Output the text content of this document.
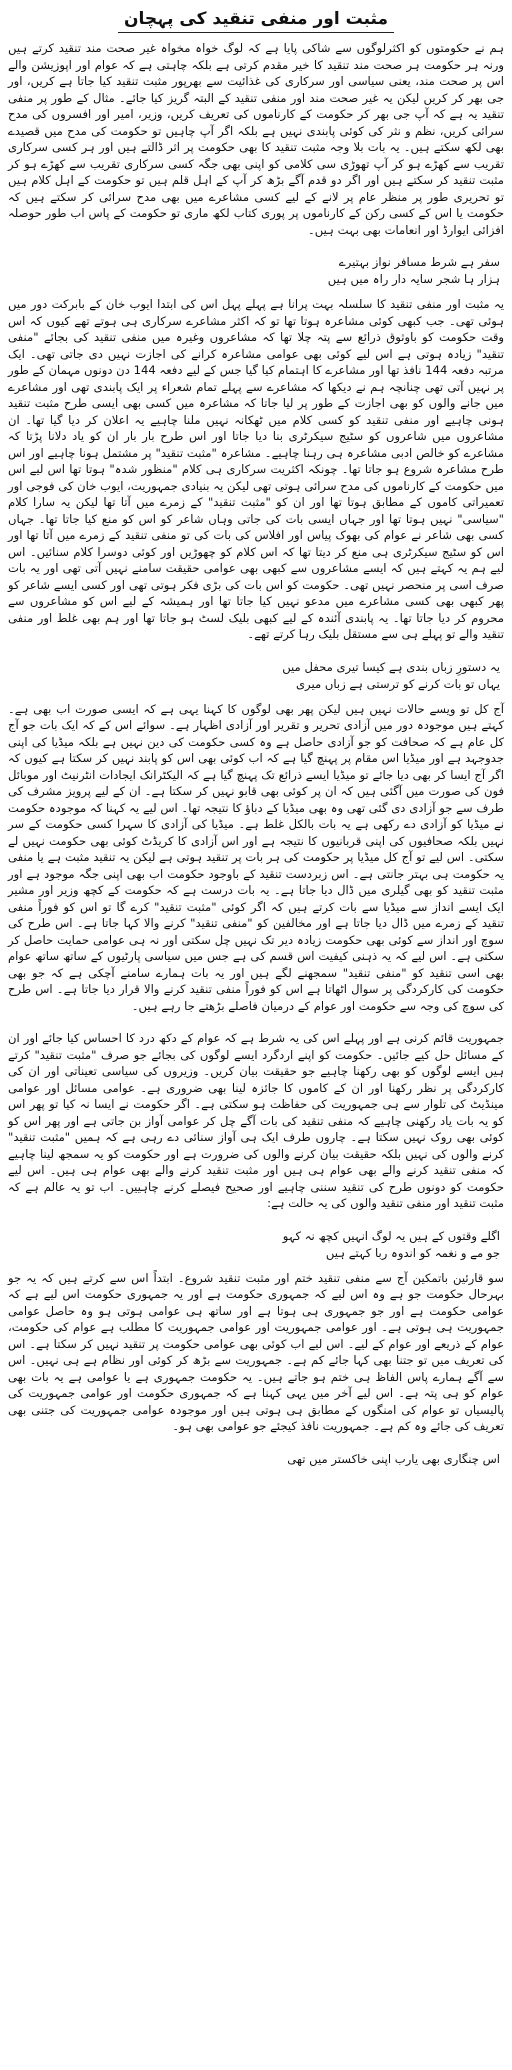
مثبت اور منفی تنقید کی پہچان

ہم نے حکومتوں کو اکثرلوگوں سے شاکی پایا ہے کہ لوگ خواہ مخواہ غیر صحت مند تنقید کرتے ہیں ورنہ ہر حکومت ہر صحت مند تنقید کا خیر مقدم کرتی ہے بلکہ چاہتی ہے کہ عوام اور اپوزیشن والے اس پر صحت مند، یعنی سیاسی اور سرکاری کی غذائیت سے بھرپور مثبت تنقید کیا جاتا ہے کریں، اور جی بھر کر کریں لیکن یہ غیر صحت مند اور منفی تنقید کے البتہ گریز کیا جائے۔ مثال کے طور پر منفی تنقید یہ ہے کہ آپ جی بھر کر حکومت کے کارناموں کی تعریف کریں، وزیر، امیر اور افسروں کی مدح سرائی کریں، نظم و نثر کی کوئی پابندی نہیں ہے بلکہ اگر آپ چاہیں تو حکومت کی مدح میں قصیدے بھی لکھ سکتے ہیں۔ یہ بات بلا وجہ مثبت تنقید کا بھی حکومت پر اثر ڈالتے ہیں اور ہر کسی سرکاری تقریب سے کھڑے ہو کر آپ تھوڑی سی کلامی کو اپنی بھی جگہ کسی سرکاری تقریب سے کھڑے ہو کر مثبت تنقید کر سکتے ہیں اور اگر دو قدم آگے بڑھ کر آپ کے اہل قلم ہیں تو حکومت کے اہل کلام ہیں تو تحریری طور پر منظر عام پر لانے کے لیے کسی مشاعرے میں بھی مدح سرائی کر سکتے ہیں کہ حکومت یا اس کے کسی رکن کے کارناموں پر پوری کتاب لکھ ماری تو حکومت کے پاس اب طور حوصلہ افزائی ایوارڈ اور انعامات بھی بہت ہیں۔

سفر ہے شرط مسافر نواز بہتیرے

ہزار ہا شجر سایہ دار راہ میں ہیں

یہ مثبت اور منفی تنقید کا سلسلہ بہت پرانا ہے پہلے پہل اس کی ابتدا ایوب خان کے بابرکت دور میں ہوئی تھی۔ جب کبھی کوئی مشاعرہ ہوتا تھا تو کہ اکثر مشاعرے سرکاری ہی ہوتے تھے کیوں کہ اس وقت حکومت کو باوثوق ذرائع سے پتہ چلا تھا کہ مشاعروں وغیرہ میں منفی تنقید کی بجائے "منفی تنقید" زیادہ ہوتی ہے اس لیے کوئی بھی عوامی مشاعرہ کرانے کی اجازت نہیں دی جاتی تھی۔ ایک مرتبہ دفعہ 144 نافذ تھا اور مشاعرے کا اہتمام کیا گیا جس کے لیے دفعہ 144 دن دونوں مہمان کے طور پر نہیں آتی تھی چنانچہ ہم نے دیکھا کہ مشاعرے سے پہلے تمام شعراء پر ایک پابندی تھی اور مشاعرے میں جانے والوں کو بھی اجازت کے طور پر لیا جاتا کہ مشاعرہ میں کسی بھی ایسی طرح مثبت تنقید ہونی چاہیے اور منفی تنقید کو کسی کلام میں ٹھکانہ نہیں ملنا چاہیے یہ اعلان کر دیا گیا تھا۔ ان مشاعروں میں شاعروں کو سٹیج سیکرٹری بنا دیا جاتا اور اس طرح بار بار ان کو یاد دلانا پڑتا کہ مشاعرے کو خالص ادبی مشاعرہ ہی رہنا چاہیے۔ مشاعرہ "مثبت تنقید" پر مشتمل ہونا چاہیے اور اس طرح مشاعرہ شروع ہو جاتا تھا۔ چونکہ اکثریت سرکاری ہی کلام "منظور شدہ" ہوتا تھا اس لیے اس میں حکومت کے کارناموں کی مدح سرائی ہوتی تھی لیکن یہ بنیادی جمہوریت، ایوب خان کی فوجی اور تعمیراتی کاموں کے مطابق ہوتا تھا اور ان کو "مثبت تنقید" کے زمرے میں آتا تھا لیکن یہ سارا کلام "سیاسی" نہیں ہوتا تھا اور جہاں ایسی بات کی جاتی وہاں شاعر کو اس کو منع کیا جاتا تھا۔ جہاں کسی بھی شاعر نے عوام کی بھوک پیاس اور افلاس کی بات کی تو منفی تنقید کے زمرے میں آتا تھا اور اس کو سٹیج سیکرٹری ہی منع کر دیتا تھا کہ اس کلام کو چھوڑیں اور کوئی دوسرا کلام سنائیں۔ اس لیے ہم یہ کہتے ہیں کہ ایسے مشاعروں سے کبھی بھی عوامی حقیقت سامنے نہیں آتی تھی اور یہ بات صرف اسی پر منحصر نہیں تھی۔ حکومت کو اس بات کی بڑی فکر ہوتی تھی اور کسی ایسے شاعر کو پھر کبھی بھی کسی مشاعرے میں مدعو نہیں کیا جاتا تھا اور ہمیشہ کے لیے اس کو مشاعروں سے محروم کر دیا جاتا تھا۔ یہ پابندی آئندہ کے لیے کبھی بلیک لسٹ ہو جاتا تھا اور ہم بھی غلط اور منفی تنقید والے تو پہلے ہی سے مستقل بلیک رہا کرتے تھے۔

یہ دستورِ زباں بندی ہے کیسا تیری محفل میں

یہاں تو بات کرنے کو ترستی ہے زباں میری

آج کل تو ویسے حالات نہیں ہیں لیکن پھر بھی لوگوں کا کہنا یہی ہے کہ ایسی صورت اب بھی ہے۔ کہتے ہیں موجودہ دور میں آزادی تحریر و تقریر اور آزادی اظہار ہے۔ سوائے اس کے کہ ایک بات جو آج کل عام ہے کہ صحافت کو جو آزادی حاصل ہے وہ کسی حکومت کی دین نہیں ہے بلکہ میڈیا کی اپنی جدوجہد ہے اور میڈیا اس مقام پر پہنچ گیا ہے کہ اب کوئی بھی اس کو پابند نہیں کر سکتا ہے کیوں کہ اگر آج ایسا کر بھی دیا جائے تو میڈیا ایسے ذرائع تک پہنچ گیا ہے کہ الیکٹرانک ایجادات انٹرنیٹ اور موبائل فون کی صورت میں آگئی ہیں کہ ان پر کوئی بھی قابو نہیں کر سکتا ہے۔ ان کے لیے پرویز مشرف کی طرف سے جو آزادی دی گئی تھی وہ بھی میڈیا کے دباؤ کا نتیجہ تھا۔ اس لیے یہ کہنا کہ موجودہ حکومت نے میڈیا کو آزادی دے رکھی ہے یہ بات بالکل غلط ہے۔ میڈیا کی آزادی کا سہرا کسی حکومت کے سر نہیں بلکہ صحافیوں کی اپنی قربانیوں کا نتیجہ ہے اور اس آزادی کا کریڈٹ کوئی بھی حکومت نہیں لے سکتی۔ اس لیے تو آج کل میڈیا پر حکومت کی ہر بات پر تنقید ہوتی ہے لیکن یہ تنقید مثبت ہے یا منفی یہ حکومت ہی بہتر جانتی ہے۔ اس زبردست تنقید کے باوجود حکومت اب بھی اپنی جگہ موجود ہے اور مثبت تنقید کو بھی گیلری میں ڈال دیا جاتا ہے۔ یہ بات درست ہے کہ حکومت کے کچھ وزیر اور مشیر ایک ایسے انداز سے میڈیا سے بات کرتے ہیں کہ اگر کوئی "مثبت تنقید" کرے گا تو اس کو فوراً منفی تنقید کے زمرے میں ڈال دیا جاتا ہے اور مخالفین کو "منفی تنقید" کرنے والا کہا جاتا ہے۔ اس طرح کی سوچ اور انداز سے کوئی بھی حکومت زیادہ دیر تک نہیں چل سکتی اور نہ ہی عوامی حمایت حاصل کر سکتی ہے۔ اس لیے کہ یہ ذہنی کیفیت اس قسم کی ہے جس میں سیاسی پارٹیوں کے ساتھ ساتھ عوام بھی اسی تنقید کو "منفی تنقید" سمجھنے لگے ہیں اور یہ بات ہمارے سامنے آچکی ہے کہ جو بھی حکومت کی کارکردگی پر سوال اٹھاتا ہے اس کو فوراً منفی تنقید کرنے والا قرار دیا جاتا ہے۔ اس طرح کی سوچ کی وجہ سے حکومت اور عوام کے درمیان فاصلے بڑھتے جا رہے ہیں۔

جمہوریت قائم کرنی ہے اور پہلے اس کی یہ شرط ہے کہ عوام کے دکھ درد کا احساس کیا جائے اور ان کے مسائل حل کیے جائیں۔ حکومت کو اپنے اردگرد ایسے لوگوں کی بجائے جو صرف "مثبت تنقید" کرتے ہیں ایسے لوگوں کو بھی رکھنا چاہیے جو حقیقت بیان کریں۔ وزیروں کی سیاسی تعیناتی اور ان کی کارکردگی پر نظر رکھنا اور ان کے کاموں کا جائزہ لینا بھی ضروری ہے۔ عوامی مسائل اور عوامی مینڈیٹ کی تلوار سے ہی جمہوریت کی حفاظت ہو سکتی ہے۔ اگر حکومت نے ایسا نہ کیا تو پھر اس کو یہ بات یاد رکھنی چاہیے کہ منفی تنقید کی بات آگے چل کر عوامی آواز بن جاتی ہے اور پھر اس کو کوئی بھی روک نہیں سکتا ہے۔ چاروں طرف ایک ہی آواز سنائی دے رہی ہے کہ ہمیں "مثبت تنقید" کرنے والوں کی نہیں بلکہ حقیقت بیان کرنے والوں کی ضرورت ہے اور حکومت کو یہ سمجھ لینا چاہیے کہ منفی تنقید کرنے والے بھی عوام ہی ہیں اور مثبت تنقید کرنے والے بھی عوام ہی ہیں۔ اس لیے حکومت کو دونوں طرح کی تنقید سننی چاہیے اور صحیح فیصلے کرنے چاہییں۔ اب تو یہ عالم ہے کہ مثبت تنقید اور منفی تنقید والوں کی یہ حالت ہے:

اگلے وقتوں کے ہیں یہ لوگ انہیں کچھ نہ کہو

جو مے و نغمہ کو اندوہ ربا کہتے ہیں

سو قارئین باتمکین آج سے منفی تنقید ختم اور مثبت تنقید شروع۔ ابتداً اس سے کرتے ہیں کہ یہ جو بہرحال حکومت جو ہے وہ اس لیے کہ جمہوری حکومت ہے اور یہ جمہوری حکومت اس لیے ہے کہ عوامی حکومت ہے اور جو جمہوری ہی ہوتا ہے اور ساتھ ہی عوامی ہوتی ہو وہ حاصل عوامی جمہوریت ہی ہوتی ہے۔ اور عوامی جمہوریت اور عوامی جمہوریت کا مطلب ہے عوام کی حکومت، عوام کے ذریعے اور عوام کے لیے۔ اس لیے اب کوئی بھی عوامی حکومت پر تنقید نہیں کر سکتا ہے۔ اس کی تعریف میں تو جتنا بھی کہا جائے کم ہے۔ جمہوریت سے بڑھ کر کوئی اور نظام ہے ہی نہیں۔ اس سے آگے ہمارے پاس الفاظ ہی ختم ہو جاتے ہیں۔ یہ حکومت جمہوری ہے یا عوامی ہے یہ بات بھی عوام کو ہی پتہ ہے۔ اس لیے آخر میں یہی کہنا ہے کہ جمہوری حکومت اور عوامی جمہوریت کی پالیسیاں تو عوام کی امنگوں کے مطابق ہی ہوتی ہیں اور موجودہ عوامی جمہوریت کی جتنی بھی تعریف کی جائے وہ کم ہے۔ جمہوریت نافذ کیجئے جو عوامی بھی ہو۔

اس چنگاری بھی یارب اپنی خاکستر میں تھی
